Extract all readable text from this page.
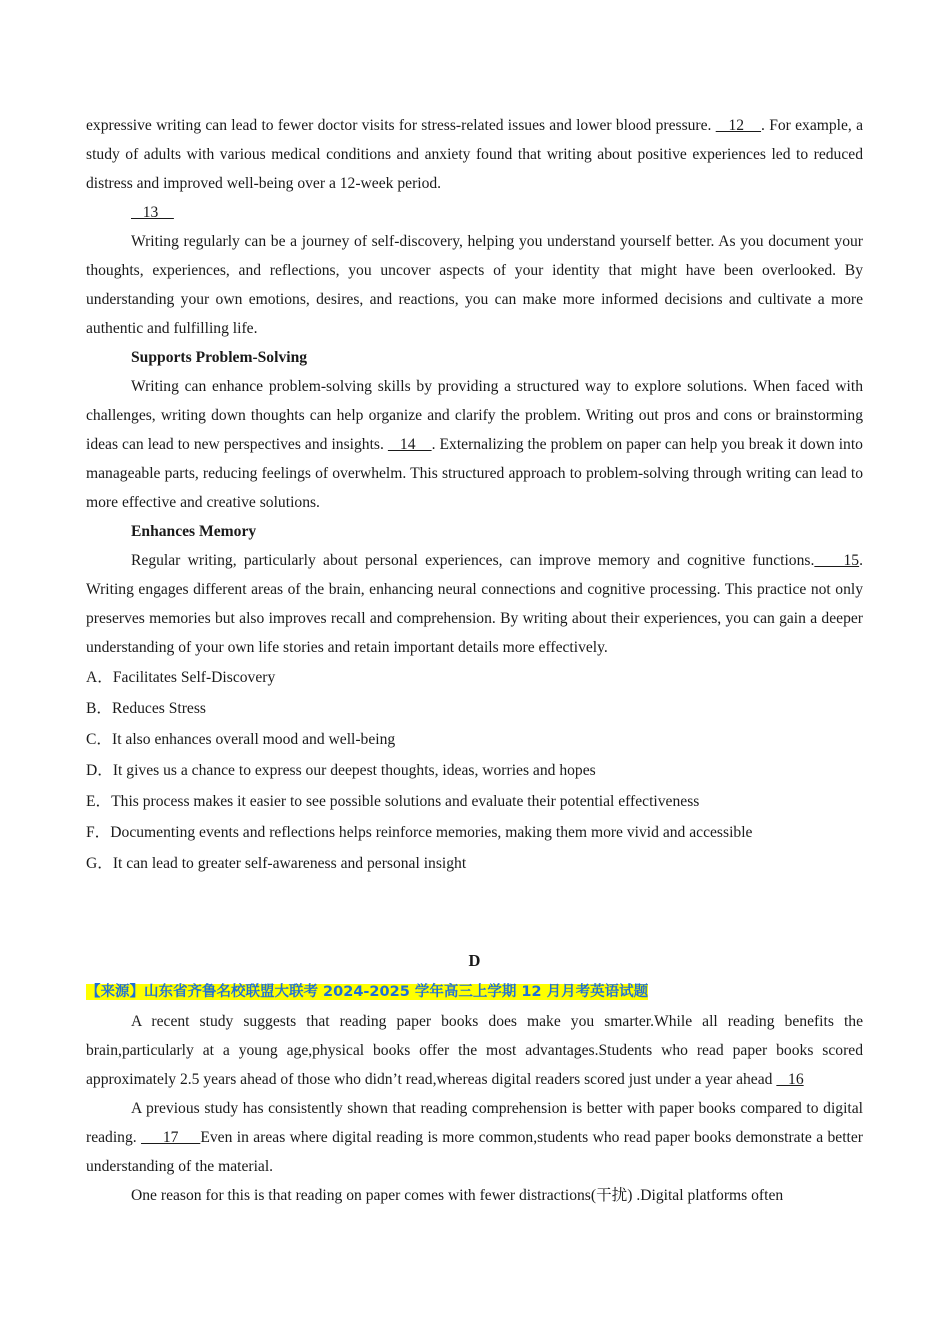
expressive writing can lead to fewer doctor visits for stress-related issues and lower blood pressure.    12    . For example, a study of adults with various medical conditions and anxiety found that writing about positive experiences led to reduced distress and improved well-being over a 12-week period.

13

Writing regularly can be a journey of self-discovery, helping you understand yourself better. As you document your thoughts, experiences, and reflections, you uncover aspects of your identity that might have been overlooked. By understanding your own emotions, desires, and reactions, you can make more informed decisions and cultivate a more authentic and fulfilling life.

Supports Problem-Solving

Writing can enhance problem-solving skills by providing a structured way to explore solutions. When faced with challenges, writing down thoughts can help organize and clarify the problem. Writing out pros and cons or brainstorming ideas can lead to new perspectives and insights.    14    . Externalizing the problem on paper can help you break it down into manageable parts, reducing feelings of overwhelm. This structured approach to problem-solving through writing can lead to more effective and creative solutions.

Enhances Memory

Regular writing, particularly about personal experiences, can improve memory and cognitive functions.    15. Writing engages different areas of the brain, enhancing neural connections and cognitive processing. This practice not only preserves memories but also improves recall and comprehension. By writing about their experiences, you can gain a deeper understanding of your own life stories and retain important details more effectively.

A．Facilitates Self-Discovery

B．Reduces Stress

C．It also enhances overall mood and well-being

D．It gives us a chance to express our deepest thoughts, ideas, worries and hopes

E．This process makes it easier to see possible solutions and evaluate their potential effectiveness

F．Documenting events and reflections helps reinforce memories, making them more vivid and accessible

G．It can lead to greater self-awareness and personal insight

D

【来源】山东省齐鲁名校联盟大联考 2024-2025 学年高三上学期 12 月月考英语试题

A recent study suggests that reading paper books does make you smarter.While all reading benefits the brain,particularly at a young age,physical books offer the most advantages.Students who read paper books scored approximately 2.5 years ahead of those who didn’t read,whereas digital readers scored just under a year ahead    16

A previous study has consistently shown that reading comprehension is better with paper books compared to digital reading.      17     Even in areas where digital reading is more common,students who read paper books demonstrate a better understanding of the material.

One reason for this is that reading on paper comes with fewer distractions(干扰) .Digital platforms often
